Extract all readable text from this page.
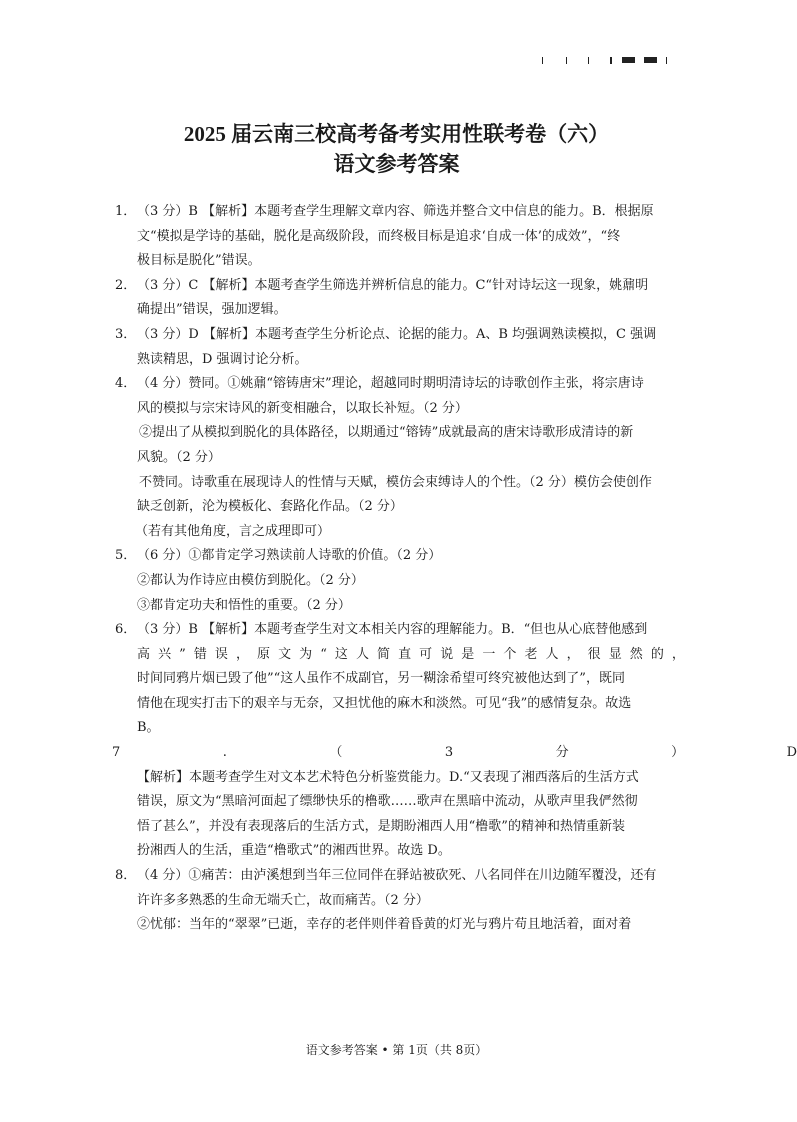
2025 届云南三校高考备考实用性联考卷（六）
语文参考答案
1． （3 分）B 【解析】本题考查学生理解文章内容、筛选并整合文中信息的能力。B．根据原
文“模拟是学诗的基础，脱化是高级阶段，而终极目标是追求‘自成一体’的成效”，“终
极目标是脱化”错误。
2． （3 分）C 【解析】本题考查学生筛选并辨析信息的能力。C“针对诗坛这一现象，姚鼐明
确提出”错误，强加逻辑。
3． （3 分）D 【解析】本题考查学生分析论点、论据的能力。A、B 均强调熟读模拟，C 强调
熟读精思，D 强调讨论分析。
4． （4 分）赞同。①姚鼐“镕铸唐宋”理论，超越同时期明清诗坛的诗歌创作主张，将宗唐诗
风的模拟与宗宋诗风的新变相融合，以取长补短。（2 分）
②提出了从模拟到脱化的具体路径，以期通过“镕铸”成就最高的唐宋诗歌形成清诗的新
风貌。（2 分）
不赞同。诗歌重在展现诗人的性情与天赋，模仿会束缚诗人的个性。（2 分）模仿会使创作
缺乏创新，沦为模板化、套路化作品。（2 分）
（若有其他角度，言之成理即可）
5． （6 分）①都肯定学习熟读前人诗歌的价值。（2 分）
②都认为作诗应由模仿到脱化。（2 分）
③都肯定功夫和悟性的重要。（2 分）
6． （3 分）B 【解析】本题考查学生对文本相关内容的理解能力。B．“但也从心底替他感到
高 兴 ” 错 误 ， 原 文 为 “ 这 人 简 直 可 说 是 一 个 老 人 ， 很 显 然 的 ，
时间同鸦片烟已毁了他”“这人虽作不成副官，另一糊涂希望可终究被他达到了”，既同
情他在现实打击下的艰辛与无奈，又担忧他的麻木和淡然。可见“我”的感情复杂。故选
B。
7	.	（	3	分	）	D
【解析】本题考查学生对文本艺术特色分析鉴赏能力。D.“又表现了湘西落后的生活方式
错误，原文为“黑暗河面起了缥缈快乐的橹歌……歌声在黑暗中流动，从歌声里我俨然彻
悟了甚么”，并没有表现落后的生活方式，是期盼湘西人用“橹歌”的精神和热情重新装
扮湘西人的生活，重造“橹歌式”的湘西世界。故选 D。
8． （4 分）①痛苦：由泸溪想到当年三位同伴在驿站被砍死、八名同伴在川边随军覆没，还有
许许多多熟悉的生命无端夭亡，故而痛苦。（2 分）
②忧郁：当年的“翠翠”已逝，幸存的老伴则伴着昏黄的灯光与鸦片苟且地活着，面对着
语文参考答案 • 第 1页（共 8页）
